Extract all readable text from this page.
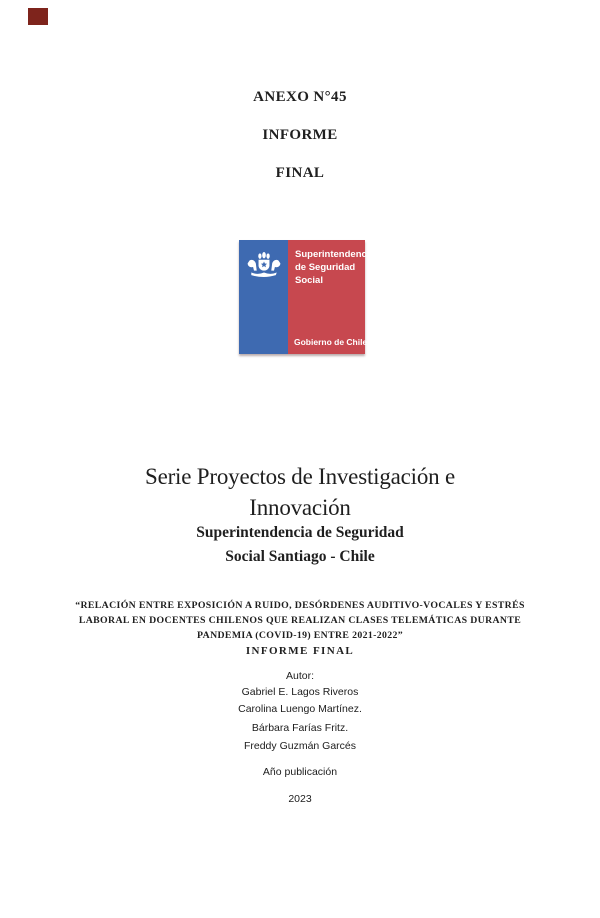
ANEXO N°45
INFORME
FINAL
Superintendencia
de Seguridad
Social
Gobierno de Chile
Serie Proyectos de Investigación e
Innovación
Superintendencia de Seguridad
Social Santiago - Chile
“RELACIÓN ENTRE EXPOSICIÓN A RUIDO, DESÓRDENES AUDITIVO-VOCALES Y ESTRÉS
LABORAL EN DOCENTES CHILENOS QUE REALIZAN CLASES TELEMÁTICAS DURANTE
PANDEMIA (COVID-19) ENTRE 2021-2022”
INFORME FINAL
Autor:
Gabriel E. Lagos Riveros
Carolina Luengo Martínez.
Bárbara Farías Fritz.
Freddy Guzmán Garcés
Año publicación
2023
